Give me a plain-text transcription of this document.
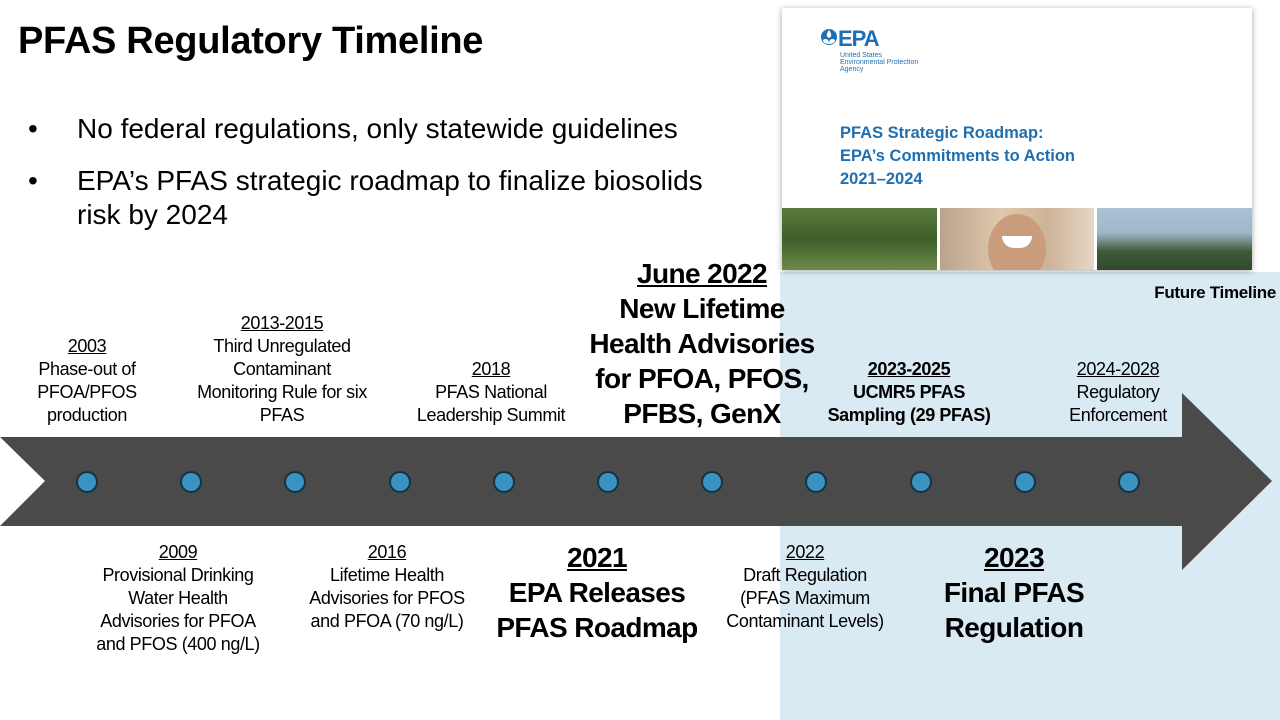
Future Timeline
PFAS Regulatory Timeline
• No federal regulations, only statewide guidelines
• EPA’s PFAS strategic roadmap to finalize biosolids risk by 2024
EPA
United States
Environmental Protection
Agency
PFAS Strategic Roadmap:
EPA’s Commitments to Action
2021–2024
2003
Phase-out of
PFOA/PFOS
production
2013-2015
Third Unregulated
Contaminant
Monitoring Rule for six
PFAS
2018
PFAS National
Leadership Summit
June 2022
New Lifetime
Health Advisories
for PFOA, PFOS,
PFBS, GenX
2023-2025
UCMR5 PFAS
Sampling (29 PFAS)
2024-2028
Regulatory
Enforcement
2009
Provisional Drinking
Water Health
Advisories for PFOA
and PFOS (400 ng/L)
2016
Lifetime Health
Advisories for PFOS
and PFOA (70 ng/L)
2021
EPA Releases
PFAS Roadmap
2022
Draft Regulation
(PFAS Maximum
Contaminant Levels)
2023
Final PFAS
Regulation
